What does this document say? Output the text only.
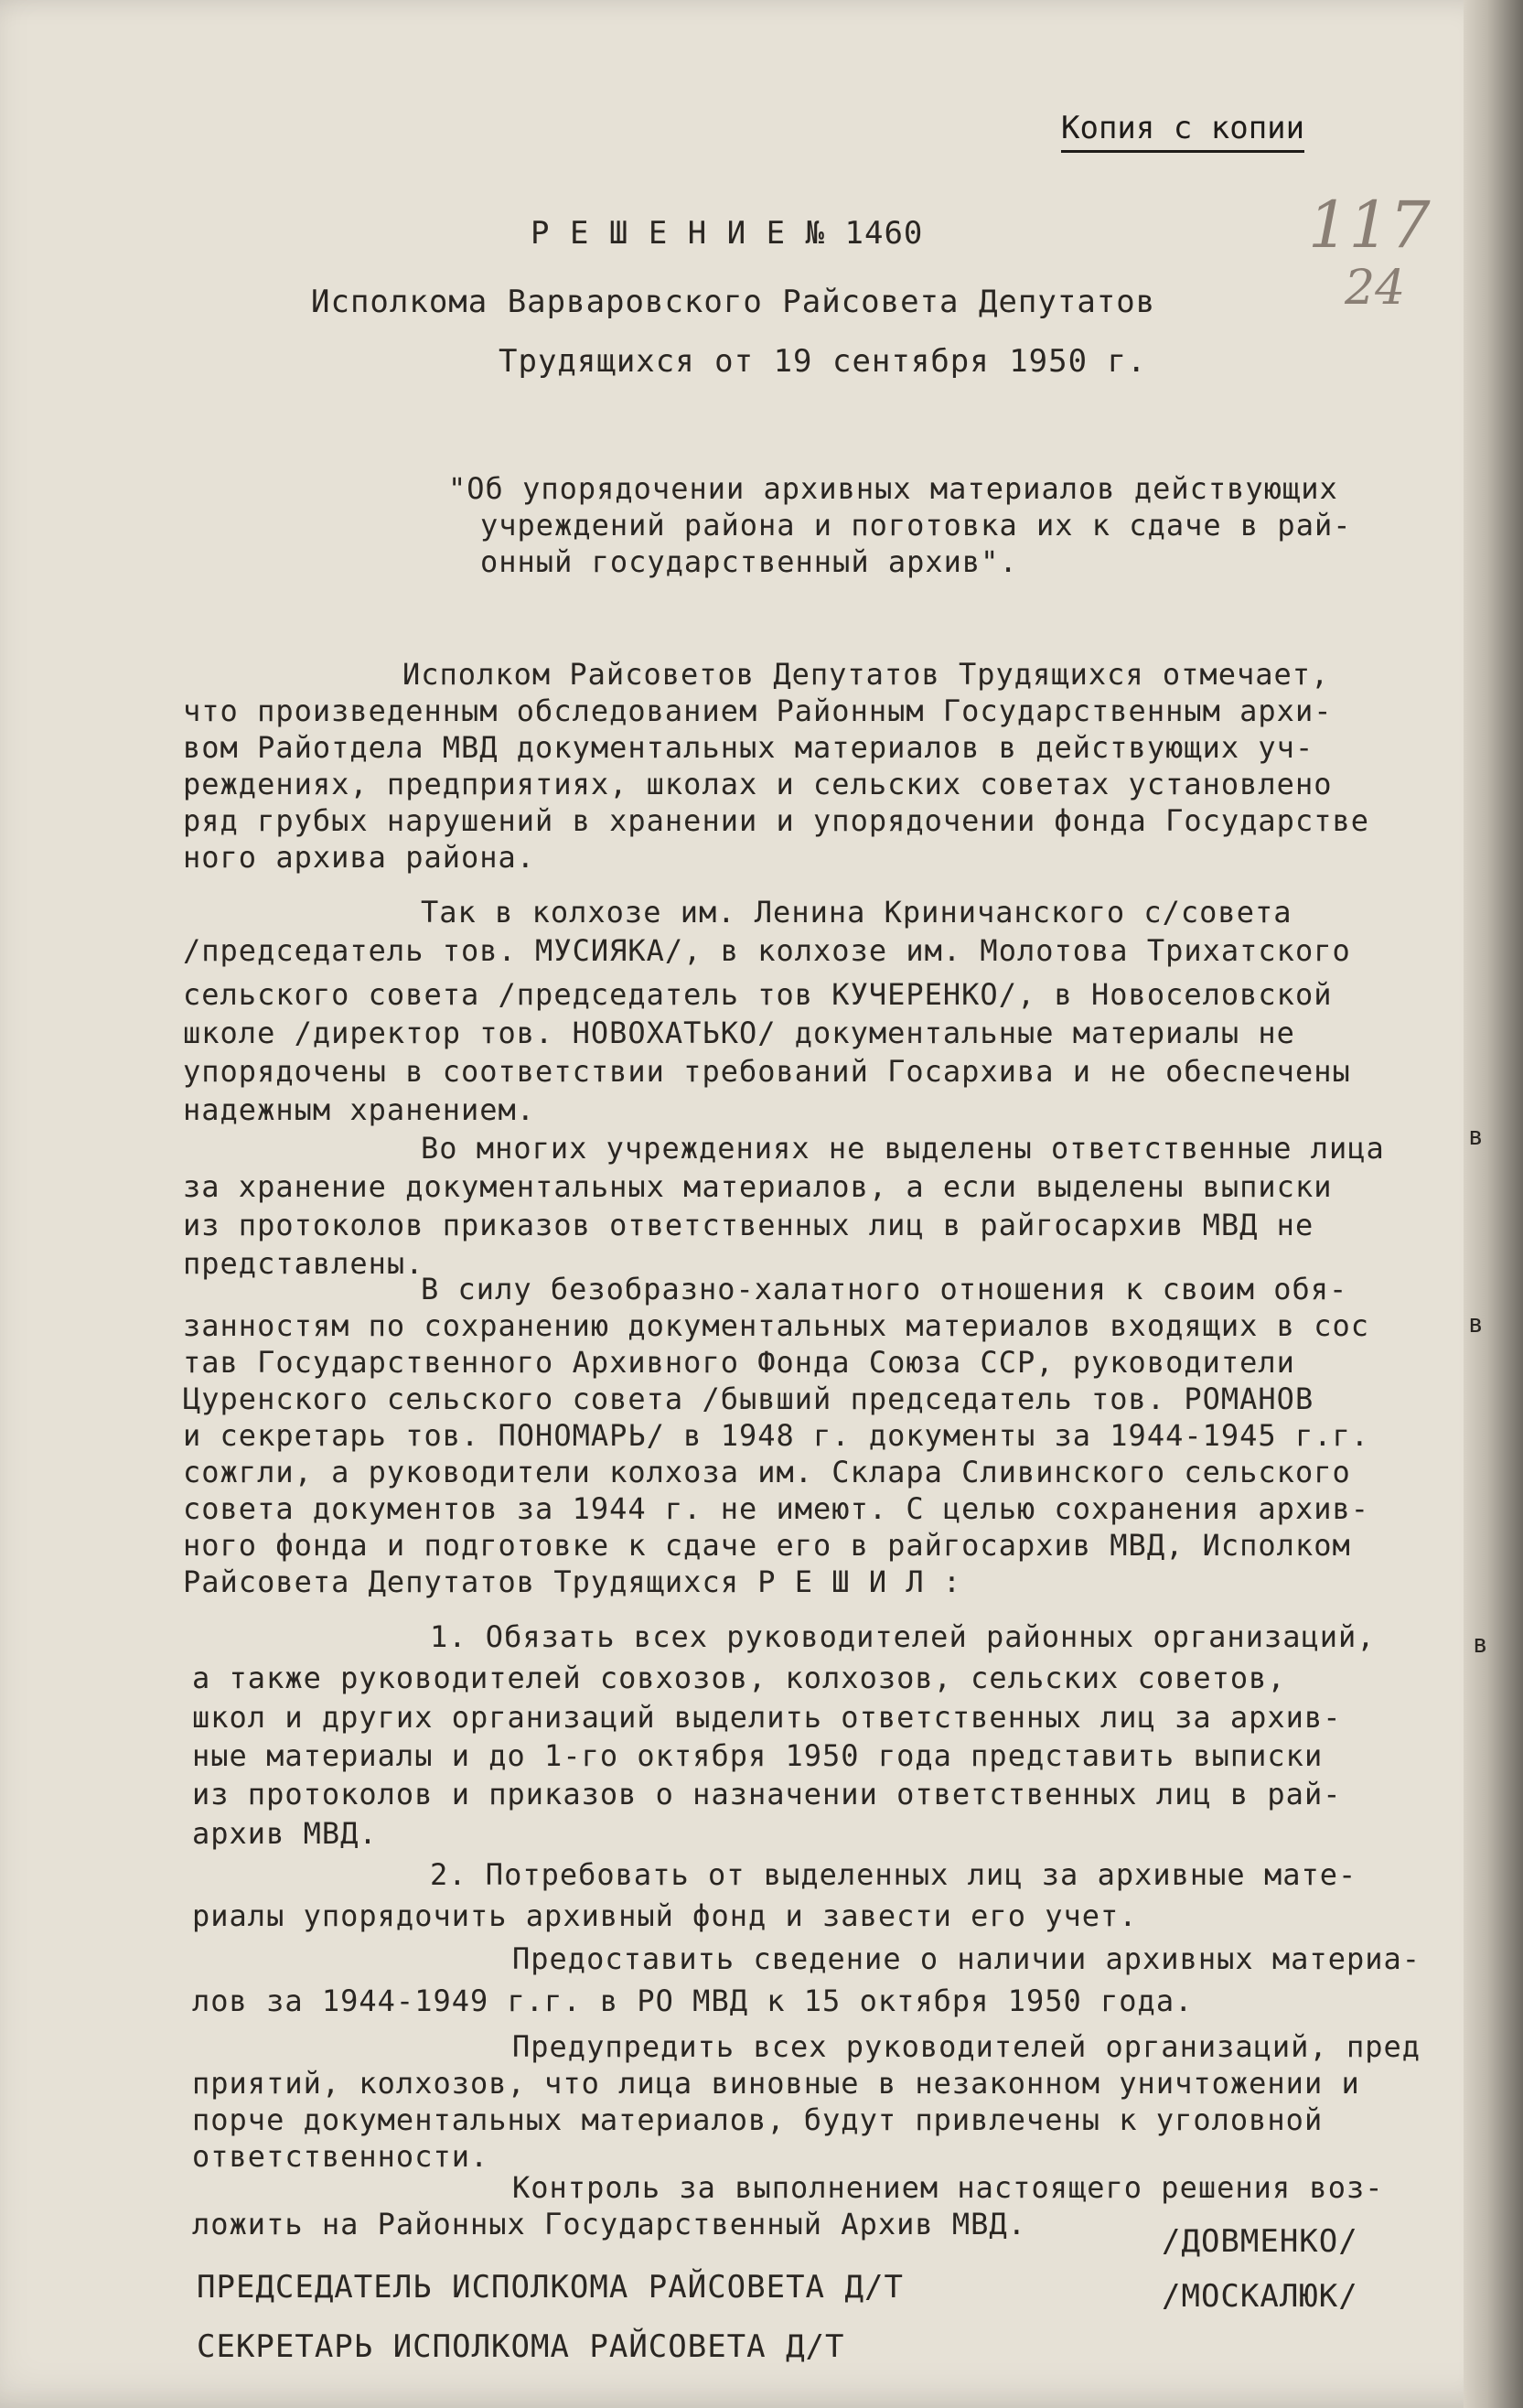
Копия с копии
117
24
Р Е Ш Е Н И Е № 1460
Исполкома Варваровского Райсовета Депутатов
Трудящихся от 19 сентября 1950 г.
"Об упорядочении архивных материалов действующих
учреждений района и поготовка их к сдаче в рай-
онный государственный архив".
Исполком Райсоветов Депутатов Трудящихся отмечает,
что произведенным обследованием Районным Государственным архи-
вом Райотдела МВД документальных материалов в действующих уч-
реждениях, предприятиях, школах и сельских советах установлено
ряд грубых нарушений в хранении и упорядочении фонда Государстве
ного архива района.
Так в колхозе им. Ленина Криничанского с/совета
/председатель тов. МУСИЯКА/, в колхозе им. Молотова Трихатского
сельского совета /председатель тов КУЧЕРЕНКО/, в Новоселовской
школе /директор тов. НОВОХАТЬКО/ документальные материалы не
упорядочены в соответствии требований Госархива и не обеспечены
надежным хранением.
Во многих учреждениях не выделены ответственные лица
за хранение документальных материалов, а если выделены выписки
из протоколов приказов ответственных лиц в райгосархив МВД не
представлены.
В силу безобразно-халатного отношения к своим обя-
занностям по сохранению документальных материалов входящих в сос
тав Государственного Архивного Фонда Союза ССР, руководители
Цуренского сельского совета /бывший председатель тов. РОМАНОВ
и секретарь тов. ПОНОМАРЬ/ в 1948 г. документы за 1944-1945 г.г.
сожгли, а руководители колхоза им. Склара Сливинского сельского
совета документов за 1944 г. не имеют. С целью сохранения архив-
ного фонда и подготовке к сдаче его в райгосархив МВД, Исполком
Райсовета Депутатов Трудящихся Р Е Ш И Л :
1. Обязать всех руководителей районных организаций,
а также руководителей совхозов, колхозов, сельских советов,
школ и других организаций выделить ответственных лиц за архив-
ные материалы и до 1-го октября 1950 года представить выписки
из протоколов и приказов о назначении ответственных лиц в рай-
архив МВД.
2. Потребовать от выделенных лиц за архивные мате-
риалы упорядочить архивный фонд и завести его учет.
Предоставить сведение о наличии архивных материа-
лов за 1944-1949 г.г. в РО МВД к 15 октября 1950 года.
Предупредить всех руководителей организаций, пред
приятий, колхозов, что лица виновные в незаконном уничтожении и
порче документальных материалов, будут привлечены к уголовной
ответственности.
Контроль за выполнением настоящего решения воз-
ложить на Районных Государственный Архив МВД.
ПРЕДСЕДАТЕЛЬ ИСПОЛКОМА РАЙСОВЕТА Д/Т
/ДОВМЕНКО/
СЕКРЕТАРЬ ИСПОЛКОМА РАЙСОВЕТА Д/Т
/МОСКАЛЮК/
в
в
в
